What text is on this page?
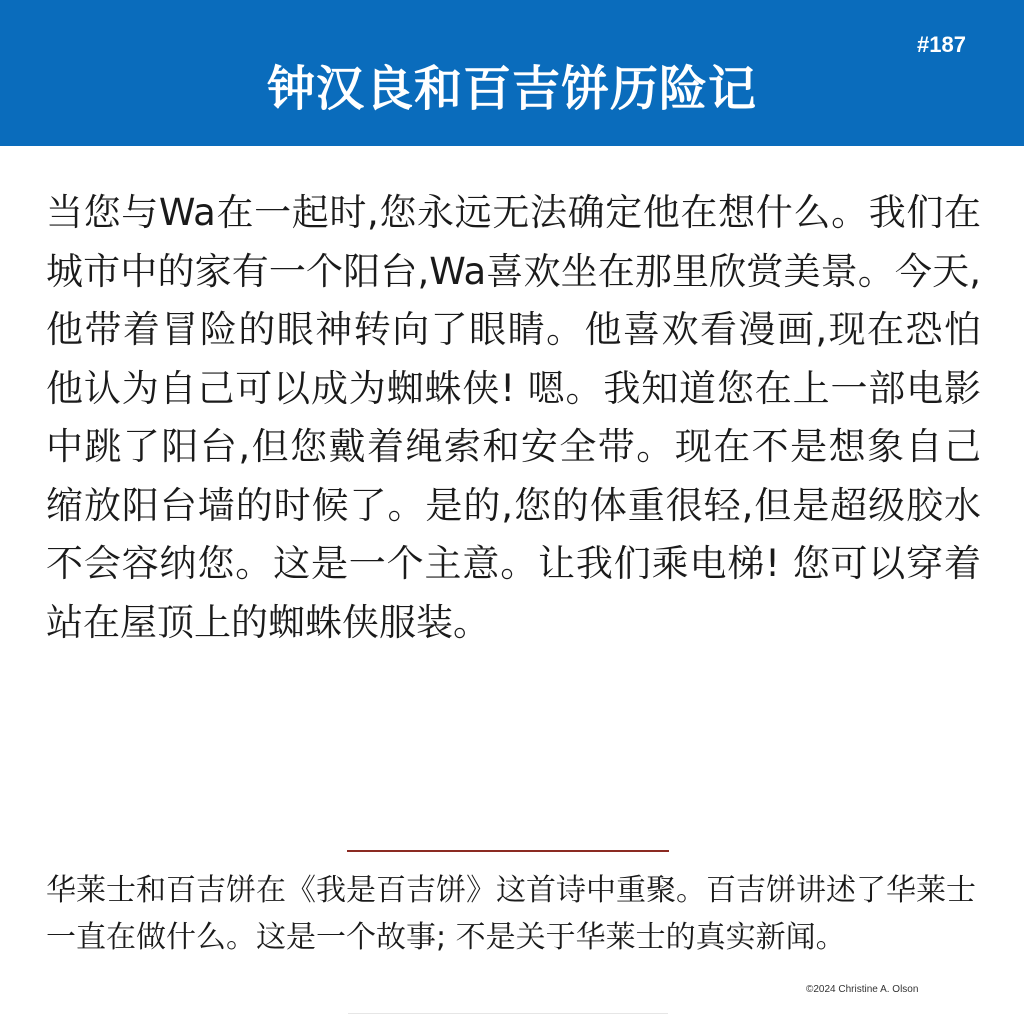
钟汉良和百吉饼历险记
#187

当您与Wa在一起时,您永远无法确定他在想什么。我们在城市中的家有一个阳台,Wa喜欢坐在那里欣赏美景。今天,他带着冒险的眼神转向了眼睛。他喜欢看漫画,现在恐怕他认为自己可以成为蜘蛛侠! 嗯。我知道您在上一部电影中跳了阳台,但您戴着绳索和安全带。现在不是想象自己缩放阳台墙的时候了。是的,您的体重很轻,但是超级胶水不会容纳您。这是一个主意。让我们乘电梯! 您可以穿着站在屋顶上的蜘蛛侠服装。

华莱士和百吉饼在《我是百吉饼》这首诗中重聚。百吉饼讲述了华莱士一直在做什么。这是一个故事; 不是关于华莱士的真实新闻。

©2024 Christine A. Olson
